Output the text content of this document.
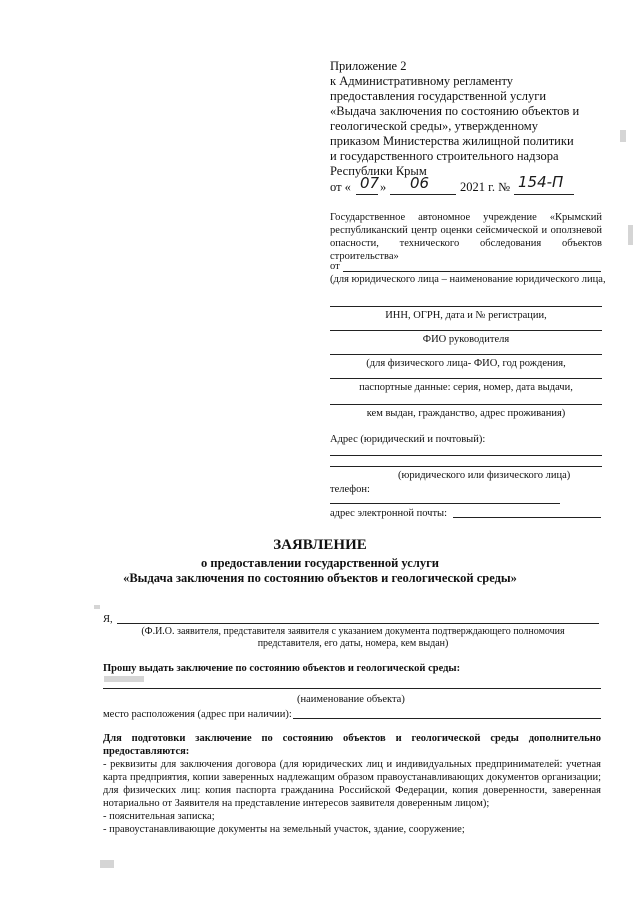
Приложение 2
к Административному регламенту
предоставления государственной услуги
«Выдача заключения по состоянию объектов и
геологической среды», утвержденному
приказом Министерства жилищной политики
и государственного строительного надзора
Республики Крым
от « 07 » 06 2021 г. № 154-П
Государственное автономное учреждение «Крымский республиканский центр оценки сейсмической и оползневой опасности, технического обследования объектов строительства»
от
(для юридического лица – наименование юридического лица,
ИНН, ОГРН, дата и № регистрации,
ФИО руководителя
(для физического лица- ФИО, год рождения,
паспортные данные: серия, номер, дата выдачи,
кем выдан, гражданство, адрес проживания)
Адрес (юридический и почтовый):
(юридического или физического лица)
телефон:
адрес электронной почты:
ЗАЯВЛЕНИЕ
о предоставлении государственной услуги
«Выдача заключения по состоянию объектов и геологической среды»
Я,
(Ф.И.О. заявителя, представителя заявителя с указанием документа подтверждающего полномочия
представителя, его даты, номера, кем выдан)
Прошу выдать заключение по состоянию объектов и геологической среды:
(наименование объекта)
место расположения (адрес при наличии):
Для подготовки заключение по состоянию объектов и геологической среды дополнительно предоставляются:
- реквизиты для заключения договора (для юридических лиц и индивидуальных предпринимателей: учетная карта предприятия, копии заверенных надлежащим образом правоустанавливающих документов организации; для физических лиц: копия паспорта гражданина Российской Федерации, копия доверенности, заверенная нотариально от Заявителя на представление интересов заявителя доверенным лицом);
- пояснительная записка;
- правоустанавливающие документы на земельный участок, здание, сооружение;
